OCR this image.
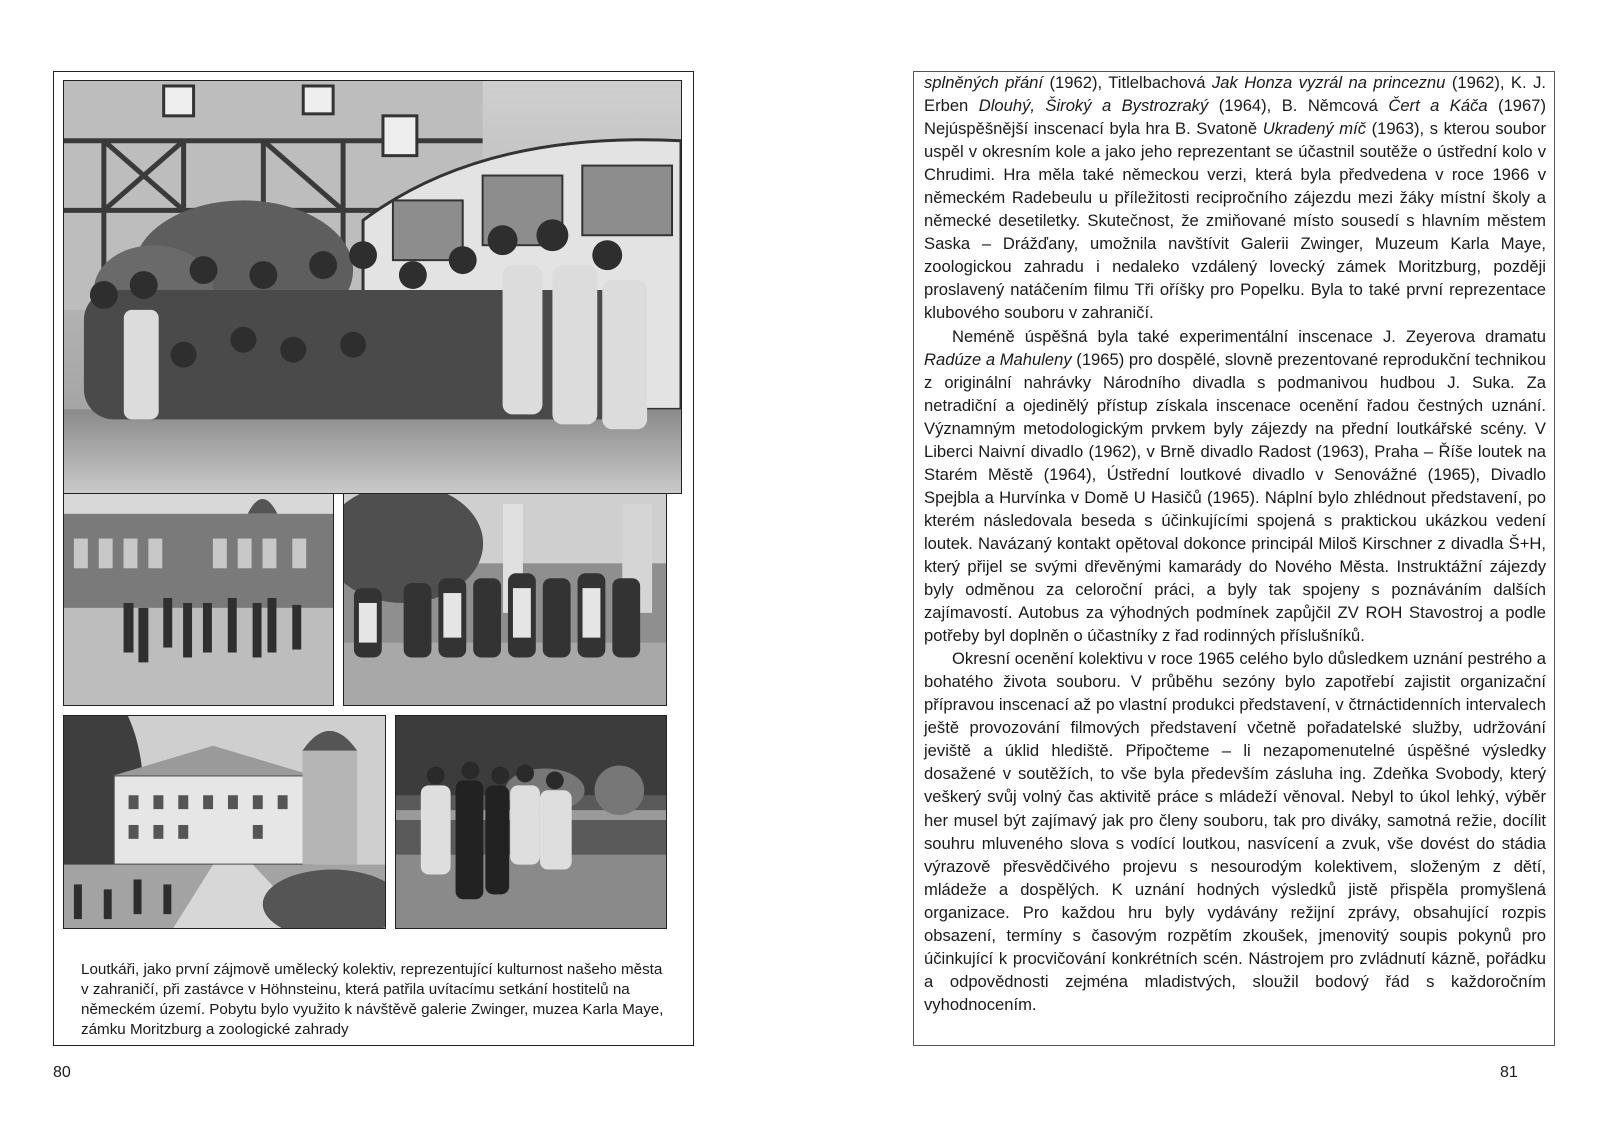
Loutkáři, jako první zájmově umělecký kolektiv, reprezentující kulturnost našeho města v zahraničí, při zastávce v Höhnsteinu, která patřila uvítacímu setkání hostitelů na německém území. Pobytu bylo využito k návštěvě galerie Zwinger, muzea Karla Maye, zámku Moritzburg a zoologické zahrady
80	81

splněných přání (1962), Titlelbachová Jak Honza vyzrál na princeznu (1962), K. J. Erben Dlouhý, Široký a Bystrozraký (1964), B. Němcová Čert a Káča (1967) Nejúspěšnější inscenací byla hra B. Svatoně Ukradený míč (1963), s kterou soubor uspěl v okresním kole a jako jeho reprezentant se účastnil soutěže o ústřední kolo v Chrudimi. Hra měla také německou verzi, která byla předvedena v roce 1966 v německém Radebeulu u příležitosti recipročního zájezdu mezi žáky místní školy a německé desetiletky. Skutečnost, že zmiňované místo sousedí s hlavním městem Saska – Drážďany, umožnila navštívit Galerii Zwinger, Muzeum Karla Maye, zoologickou zahradu i nedaleko vzdálený lovecký zámek Moritzburg, později proslavený natáčením filmu Tři oříšky pro Popelku. Byla to také první reprezentace klubového souboru v zahraničí.

Neméně úspěšná byla také experimentální inscenace J. Zeyerova dramatu Radúze a Mahuleny (1965) pro dospělé, slovně prezentované reprodukční technikou z originální nahrávky Národního divadla s podmanivou hudbou J. Suka. Za netradiční a ojedinělý přístup získala inscenace ocenění řadou čestných uznání. Významným metodologickým prvkem byly zájezdy na přední loutkářské scény. V Liberci Naivní divadlo (1962), v Brně divadlo Radost (1963), Praha – Říše loutek na Starém Městě (1964), Ústřední loutkové divadlo v Senovážné (1965), Divadlo Spejbla a Hurvínka v Domě U Hasičů (1965). Náplní bylo zhlédnout představení, po kterém následovala beseda s účinkujícími spojená s praktickou ukázkou vedení loutek. Navázaný kontakt opětoval dokonce principál Miloš Kirschner z divadla Š+H, který přijel se svými dřevěnými kamarády do Nového Města. Instruktážní zájezdy byly odměnou za celoroční práci, a byly tak spojeny s poznáváním dalších zajímavostí. Autobus za výhodných podmínek zapůjčil ZV ROH Stavostroj a podle potřeby byl doplněn o účastníky z řad rodinných příslušníků.

Okresní ocenění kolektivu v roce 1965 celého bylo důsledkem uznání pestrého a bohatého života souboru. V průběhu sezóny bylo zapotřebí zajistit organizační přípravou inscenací až po vlastní produkci představení, v čtrnáctidenních intervalech ještě provozování filmových představení včetně pořadatelské služby, udržování jeviště a úklid hlediště. Připočteme – li nezapomenutelné úspěšné výsledky dosažené v soutěžích, to vše byla především zásluha ing. Zdeňka Svobody, který veškerý svůj volný čas aktivitě práce s mládeží věnoval. Nebyl to úkol lehký, výběr her musel být zajímavý jak pro členy souboru, tak pro diváky, samotná režie, docílit souhru mluveného slova s vodící loutkou, nasvícení a zvuk, vše dovést do stádia výrazově přesvědčivého projevu s nesourodým kolektivem, složeným z dětí, mládeže a dospělých. K uznání hodných výsledků jistě přispěla promyšlená organizace. Pro každou hru byly vydávány režijní zprávy, obsahující rozpis obsazení, termíny s časovým rozpětím zkoušek, jmenovitý soupis pokynů pro účinkující k procvičování konkrétních scén. Nástrojem pro zvládnutí kázně, pořádku a odpovědnosti zejména mladistvých, sloužil bodový řád s každoročním vyhodnocením.
